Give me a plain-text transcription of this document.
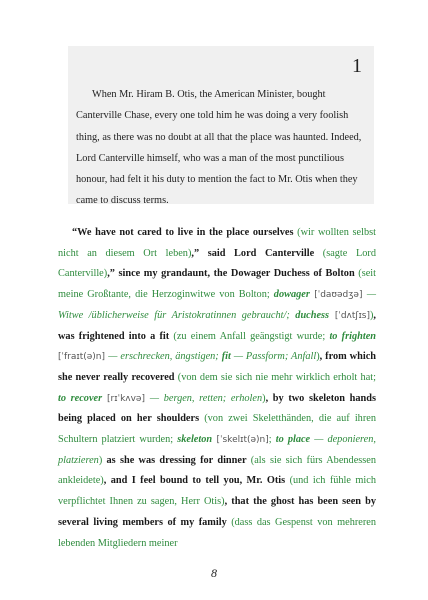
1
When Mr. Hiram B. Otis, the American Minister, bought Canterville Chase, every one told him he was doing a very foolish thing, as there was no doubt at all that the place was haunted. Indeed, Lord Canterville himself, who was a man of the most punctilious honour, had felt it his duty to mention the fact to Mr. Otis when they came to discuss terms.
“We have not cared to live in the place ourselves (wir wollten selbst nicht an diesem Ort leben),” said Lord Canterville (sagte Lord Canterville),” since my grandaunt, the Dowager Duchess of Bolton (seit meine Großtante, die Herzoginwitwe von Bolton; dowager [ˈdaʊədʒə] — Witwe /üblicherweise für Aristokratinnen gebraucht/; duchess [ˈdʌtʃɪs]), was frightened into a fit (zu einem Anfall geängstigt wurde; to frighten [ˈfraɪt(ə)n] — erschrecken, ängstigen; fit — Passform; Anfall), from which she never really recovered (von dem sie sich nie mehr wirklich erholt hat; to recover [rɪˈkʌvə] — bergen, retten; erholen), by two skeleton hands being placed on her shoulders (von zwei Skeletthänden, die auf ihren Schultern platziert wurden; skeleton [ˈskelɪt(ə)n]; to place — deponieren, platzieren) as she was dressing for dinner (als sie sich fürs Abendessen ankleidete), and I feel bound to tell you, Mr. Otis (und ich fühle mich verpflichtet Ihnen zu sagen, Herr Otis), that the ghost has been seen by several living members of my family (dass das Gespenst von mehreren lebenden Mitgliedern meiner
8
